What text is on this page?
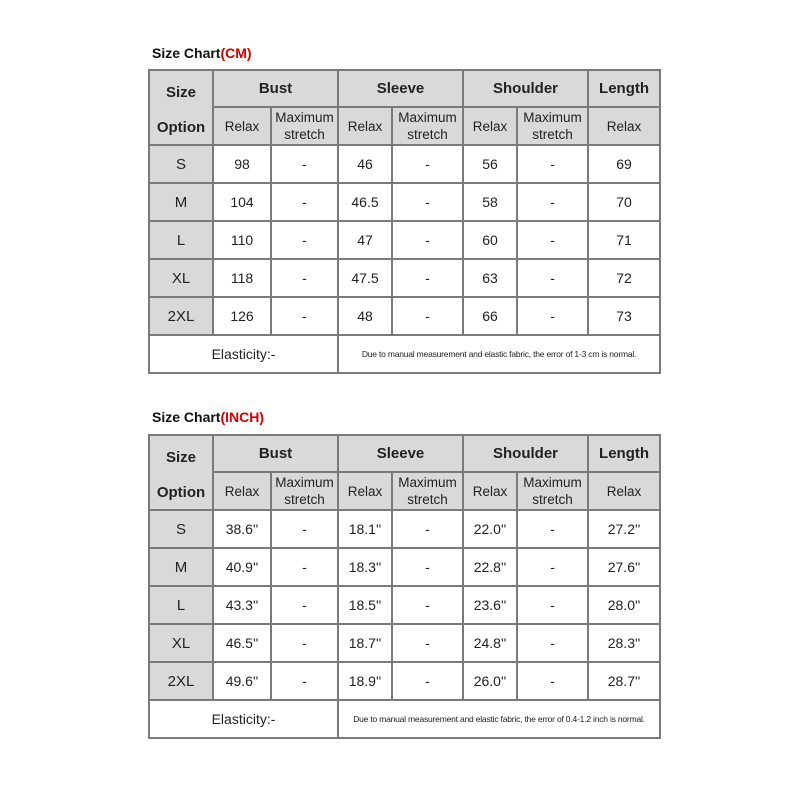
Size Chart(CM)
Size
Option	Bust		Sleeve		Shoulder		Length
	Relax	Maximum stretch	Relax	Maximum stretch	Relax	Maximum stretch	Relax
S	98	-	46	-	56	-	69
M	104	-	46.5	-	58	-	70
L	110	-	47	-	60	-	71
XL	118	-	47.5	-	63	-	72
2XL	126	-	48	-	66	-	73
Elasticity:-			Due to manual measurement and elastic fabric, the error of 1-3 cm is normal.				
Size Chart(INCH)
Size
Option	Bust		Sleeve		Shoulder		Length
	Relax	Maximum stretch	Relax	Maximum stretch	Relax	Maximum stretch	Relax
S	38.6''	-	18.1''	-	22.0''	-	27.2''
M	40.9''	-	18.3''	-	22.8''	-	27.6''
L	43.3''	-	18.5''	-	23.6''	-	28.0''
XL	46.5''	-	18.7''	-	24.8''	-	28.3''
2XL	49.6''	-	18.9''	-	26.0''	-	28.7''
Elasticity:-			Due to manual measurement and elastic fabric, the error of 0.4-1.2 inch is normal.				
